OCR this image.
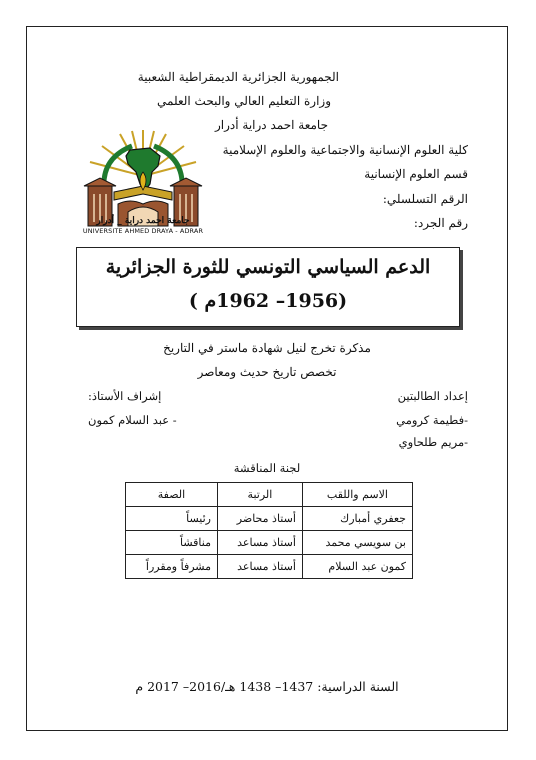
الجمهورية الجزائرية الديمقراطية الشعبية
وزارة التعليم العالي والبحث العلمي
جامعة احمد دراية أدرار
كلية العلوم الإنسانية والاجتماعية والعلوم الإسلامية
قسم العلوم الإنسانية
الرقم التسلسلي:
رقم الجرد:
جامعة احمد دراية _ أدرار
UNIVERSITE AHMED DRAYA - ADRAR
الدعم السياسي التونسي للثورة الجزائرية
(1956– 1962م )
مذكرة تخرج لنيل شهادة ماستر في التاريخ
تخصص تاريخ حديث ومعاصر
إعداد الطالبتين
-فطيمة كرومي
-مريم طلحاوي
إشراف الأستاذ:
- عبد السلام كمون
لجنة المناقشة
الاسم واللقب	الرتبة	الصفة
جعفري أمبارك	أستاذ محاضر	رئيساً
بن سويسي محمد	أستاذ مساعد	مناقشاً
كمون عبد السلام	أستاذ مساعد	مشرفاً ومقرراً
السنة الدراسية: 1437– 1438 هـ/2016– 2017 م
